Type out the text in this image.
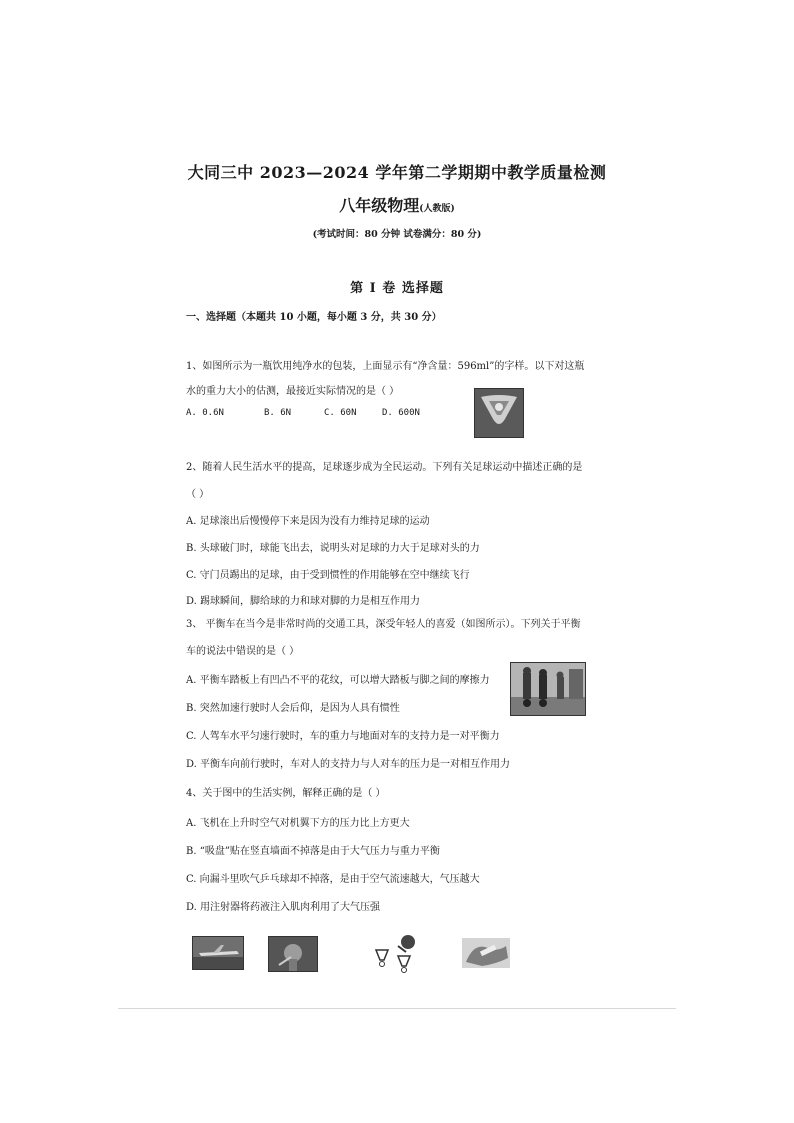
大同三中 2023—2024 学年第二学期期中教学质量检测
八年级物理(人教版)
(考试时间：80 分钟 试卷满分：80 分)
第 I 卷 选择题
一、选择题（本题共 10 小题，每小题 3 分，共 30 分）
1、如图所示为一瓶饮用纯净水的包装，上面显示有“净含量：596ml”的字样。以下对这瓶
水的重力大小的估测，最接近实际情况的是（ ）
A. 0.6N	B. 6N	C. 60N	D. 600N
2、随着人民生活水平的提高，足球逐步成为全民运动。下列有关足球运动中描述正确的是
（ ）
A. 足球滚出后慢慢停下来是因为没有力维持足球的运动
B. 头球破门时，球能飞出去，说明头对足球的力大于足球对头的力
C. 守门员踢出的足球，由于受到惯性的作用能够在空中继续飞行
D. 踢球瞬间，脚给球的力和球对脚的力是相互作用力
3、 平衡车在当今是非常时尚的交通工具，深受年轻人的喜爱（如图所示）。下列关于平衡
车的说法中错误的是（ ）
A. 平衡车踏板上有凹凸不平的花纹，可以增大踏板与脚之间的摩擦力
B. 突然加速行驶时人会后仰，是因为人具有惯性
C. 人驾车水平匀速行驶时，车的重力与地面对车的支持力是一对平衡力
D. 平衡车向前行驶时，车对人的支持力与人对车的压力是一对相互作用力
4、关于图中的生活实例，解释正确的是（ ）
A. 飞机在上升时空气对机翼下方的压力比上方更大
B. “吸盘”贴在竖直墙面不掉落是由于大气压力与重力平衡
C. 向漏斗里吹气乒乓球却不掉落，是由于空气流速越大，气压越大
D. 用注射器将药液注入肌肉利用了大气压强
